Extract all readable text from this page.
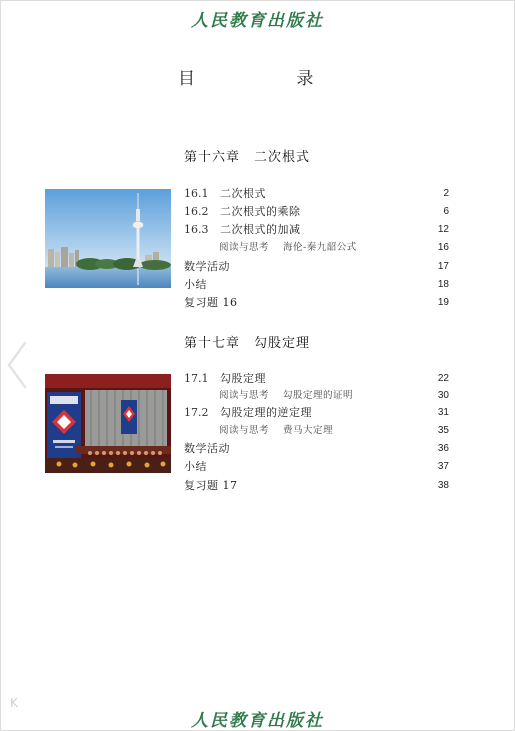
人民教育出版社
目 录
第十六章 二次根式
16.1 二次根式	2
16.2 二次根式的乘除	6
16.3 二次根式的加减	12
阅读与思考 海伦-秦九韶公式	16
数学活动	17
小结	18
复习题 16	19
第十七章 勾股定理
17.1 勾股定理	22
阅读与思考 勾股定理的证明	30
17.2 勾股定理的逆定理	31
阅读与思考 费马大定理	35
数学活动	36
小结	37
复习题 17	38
K
人民教育出版社
